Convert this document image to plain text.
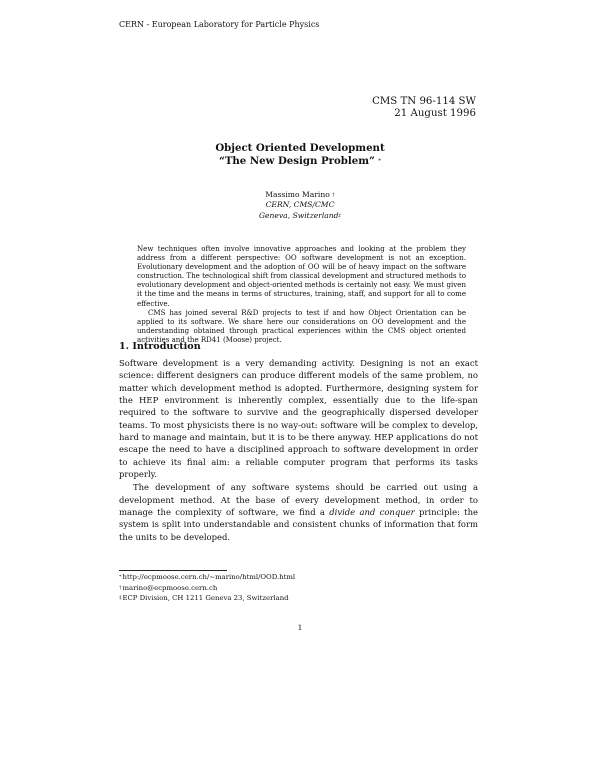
CERN - European Laboratory for Particle Physics
CMS TN 96-114 SW
21 August 1996
Object Oriented Development
“The New Design Problem” *
Massimo Marino †
CERN, CMS/CMC
Geneva, Switzerland‡

New techniques often involve innovative approaches and looking at the problem they address from a different perspective: OO software development is not an exception. Evolutionary development and the adoption of OO will be of heavy impact on the software construction. The technological shift from classical development and structured methods to evolutionary development and object-oriented methods is certainly not easy. We must given it the time and the means in terms of structures, training, staff, and support for all to come effective.

CMS has joined several R&D projects to test if and how Object Orientation can be applied to its software. We share here our considerations on OO development and the understanding obtained through practical experiences within the CMS object oriented activities and the RD41 (Moose) project.

1. Introduction

Software development is a very demanding activity. Designing is not an exact science: different designers can produce different models of the same problem, no matter which development method is adopted. Furthermore, designing system for the HEP environment is inherently complex, essentially due to the life-span required to the software to survive and the geographically dispersed developer teams. To most physicists there is no way-out: software will be complex to develop, hard to manage and maintain, but it is to be there anyway. HEP applications do not escape the need to have a disciplined approach to software development in order to achieve its final aim: a reliable computer program that performs its tasks properly.

The development of any software systems should be carried out using a development method. At the base of every development method, in order to manage the complexity of software, we find a divide and conquer principle: the system is split into understandable and consistent chunks of information that form the units to be developed.

*http://ecpmoose.cern.ch/~marino/html/OOD.html
†marino@ecpmoose.cern.ch
‡ECP Division, CH 1211 Geneva 23, Switzerland
1
